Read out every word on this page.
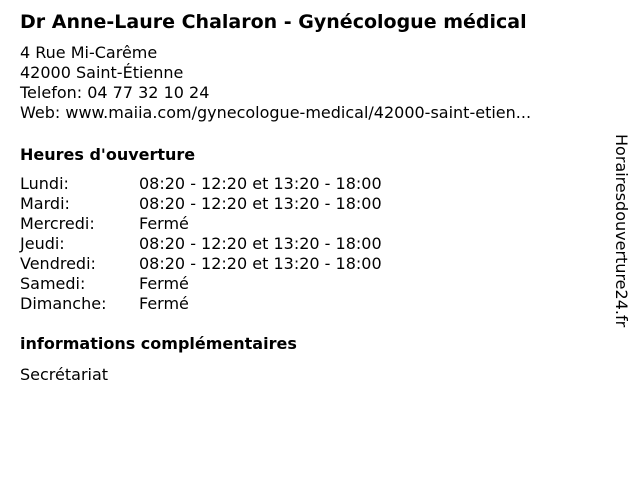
Dr Anne-Laure Chalaron - Gynécologue médical
4 Rue Mi-Carême
42000 Saint-Étienne
Telefon: 04 77 32 10 24
Web: www.maiia.com/gynecologue-medical/42000-saint-etien...
Heures d'ouverture
Lundi:	08:20 - 12:20 et 13:20 - 18:00
Mardi:	08:20 - 12:20 et 13:20 - 18:00
Mercredi:	Fermé
Jeudi:	08:20 - 12:20 et 13:20 - 18:00
Vendredi:	08:20 - 12:20 et 13:20 - 18:00
Samedi:	Fermé
Dimanche:	Fermé
informations complémentaires
Secrétariat
Horairesdouverture24.fr
